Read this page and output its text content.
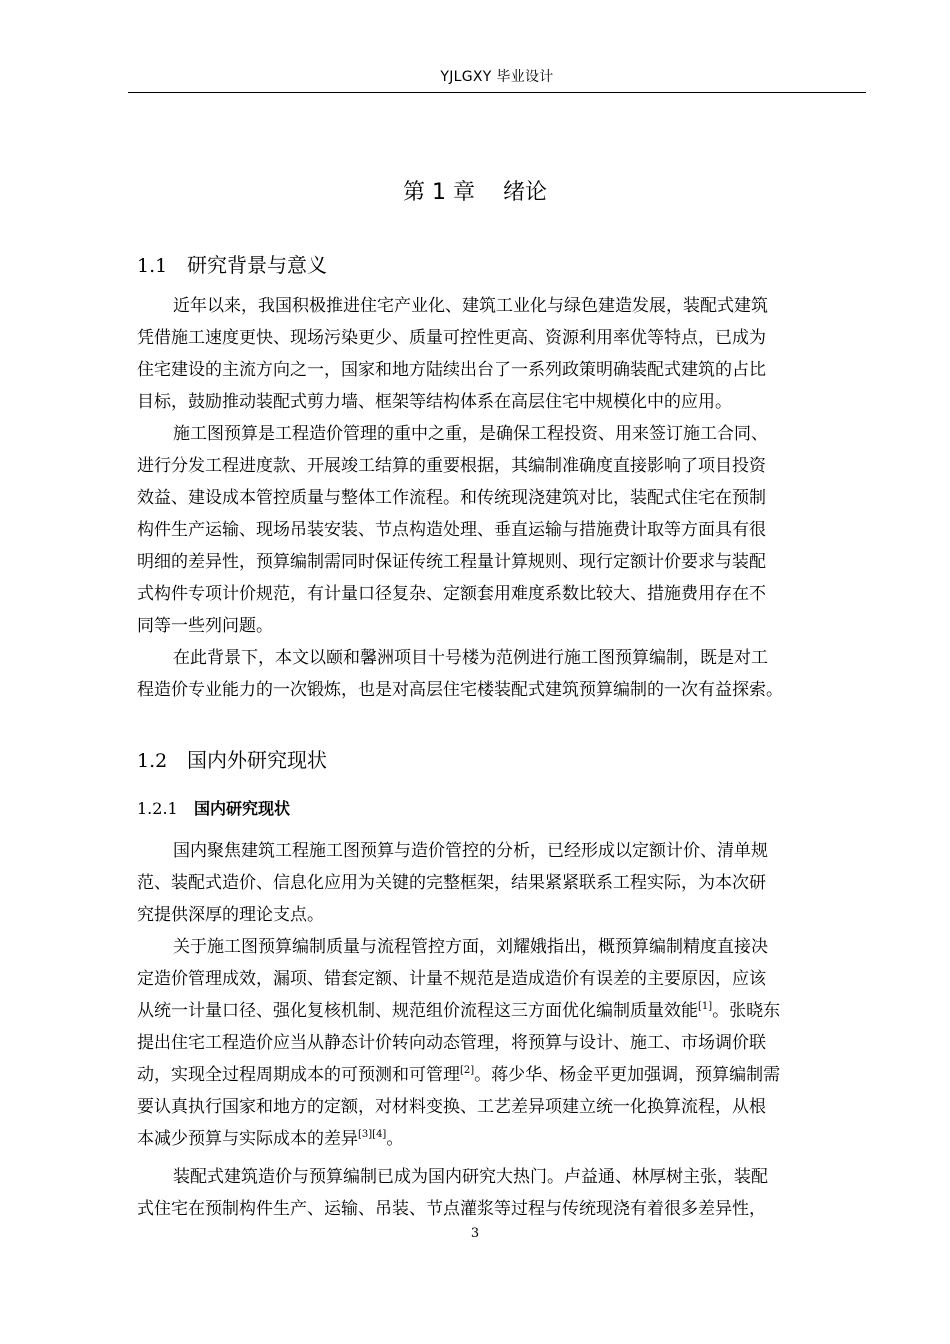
YJLGXY 毕业设计
第 1 章    绪论
1.1 研究背景与意义
近年以来，我国积极推进住宅产业化、建筑工业化与绿色建造发展，装配式建筑
凭借施工速度更快、现场污染更少、质量可控性更高、资源利用率优等特点，已成为
住宅建设的主流方向之一，国家和地方陆续出台了一系列政策明确装配式建筑的占比
目标，鼓励推动装配式剪力墙、框架等结构体系在高层住宅中规模化中的应用。
施工图预算是工程造价管理的重中之重，是确保工程投资、用来签订施工合同、
进行分发工程进度款、开展竣工结算的重要根据，其编制准确度直接影响了项目投资
效益、建设成本管控质量与整体工作流程。和传统现浇建筑对比，装配式住宅在预制
构件生产运输、现场吊装安装、节点构造处理、垂直运输与措施费计取等方面具有很
明细的差异性，预算编制需同时保证传统工程量计算规则、现行定额计价要求与装配
式构件专项计价规范，有计量口径复杂、定额套用难度系数比较大、措施费用存在不
同等一些列问题。
在此背景下，本文以颐和馨洲项目十号楼为范例进行施工图预算编制，既是对工
程造价专业能力的一次锻炼，也是对高层住宅楼装配式建筑预算编制的一次有益探索。
1.2 国内外研究现状
1.2.1 国内研究现状
国内聚焦建筑工程施工图预算与造价管控的分析，已经形成以定额计价、清单规
范、装配式造价、信息化应用为关键的完整框架，结果紧紧联系工程实际，为本次研
究提供深厚的理论支点。
关于施工图预算编制质量与流程管控方面，刘耀娥指出，概预算编制精度直接决
定造价管理成效，漏项、错套定额、计量不规范是造成造价有误差的主要原因，应该
从统一计量口径、强化复核机制、规范组价流程这三方面优化编制质量效能[1]。张晓东
提出住宅工程造价应当从静态计价转向动态管理，将预算与设计、施工、市场调价联
动，实现全过程周期成本的可预测和可管理[2]。蒋少华、杨金平更加强调，预算编制需
要认真执行国家和地方的定额，对材料变换、工艺差异项建立统一化换算流程，从根
本减少预算与实际成本的差异[3][4]。
装配式建筑造价与预算编制已成为国内研究大热门。卢益通、林厚树主张，装配
式住宅在预制构件生产、运输、吊装、节点灌浆等过程与传统现浇有着很多差异性，
3
